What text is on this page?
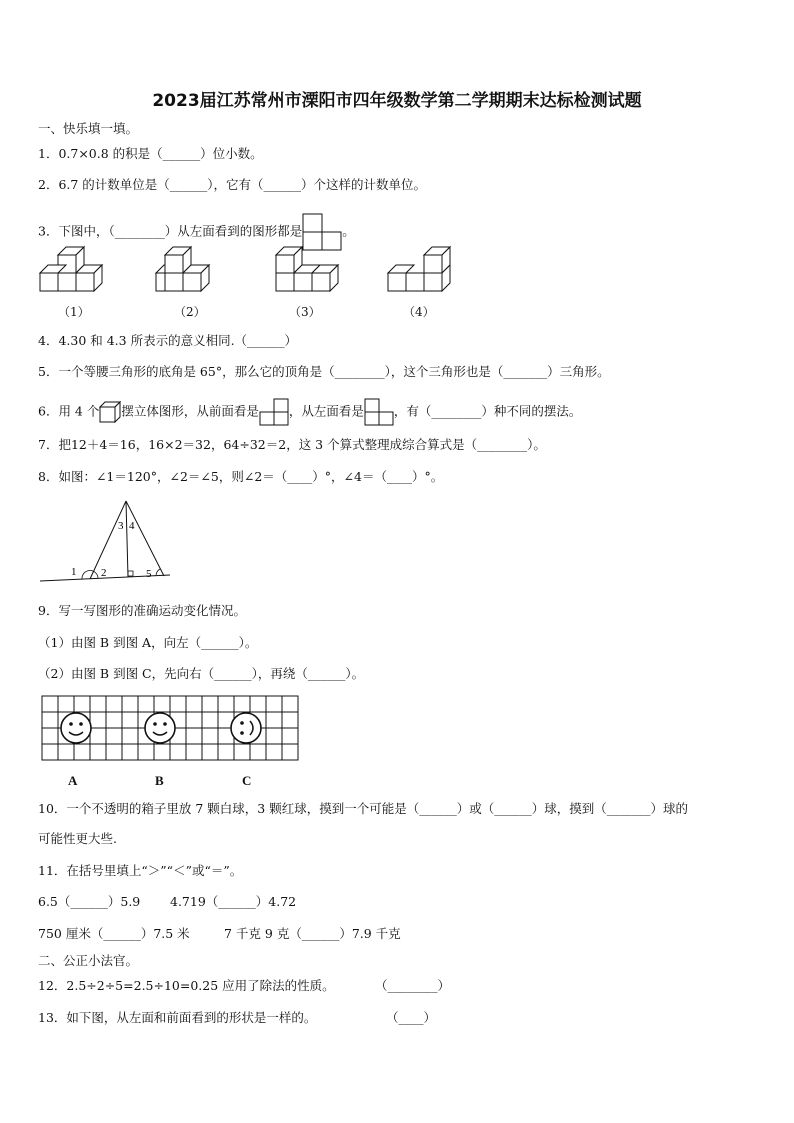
2023届江苏常州市溧阳市四年级数学第二学期期末达标检测试题
一、快乐填一填。
1．0.7×0.8 的积是（______）位小数。
2．6.7 的计数单位是（______），它有（______）个这样的计数单位。
3．下图中，（________）从左面看到的图形都是	。
（1）	（2）	（3）	（4）
4．4.30 和 4.3 所表示的意义相同.（______）
5．一个等腰三角形的底角是 65°，那么它的顶角是（________），这个三角形也是（_______）三角形。
6．用 4 个 摆立体图形，从前面看是 ，从左面看是 ，有（________）种不同的摆法。
7．把12＋4＝16，16×2＝32，64÷32＝2，这 3 个算式整理成综合算式是（________）。
8．如图：∠1＝120°，∠2＝∠5，则∠2＝（____）°，∠4＝（____）°。
1 2
3 4
5
9．写一写图形的准确运动变化情况。
（1）由图 B 到图 A，向左（______）。
（2）由图 B 到图 C，先向右（______），再绕（______）。
A	B	C
10．一个不透明的箱子里放 7 颗白球，3 颗红球，摸到一个可能是（______）或（______）球，摸到（_______）球的
可能性更大些.
11．在括号里填上“＞”“＜”或“＝”。
6.5（______）5.9 4.719（______）4.72
750 厘米（______）7.5 米	7 千克 9 克（______）7.9 千克
二、公正小法官。
12．2.5÷2÷5=2.5÷10=0.25 应用了除法的性质。	（________）
13．如下图，从左面和前面看到的形状是一样的。	（____）
